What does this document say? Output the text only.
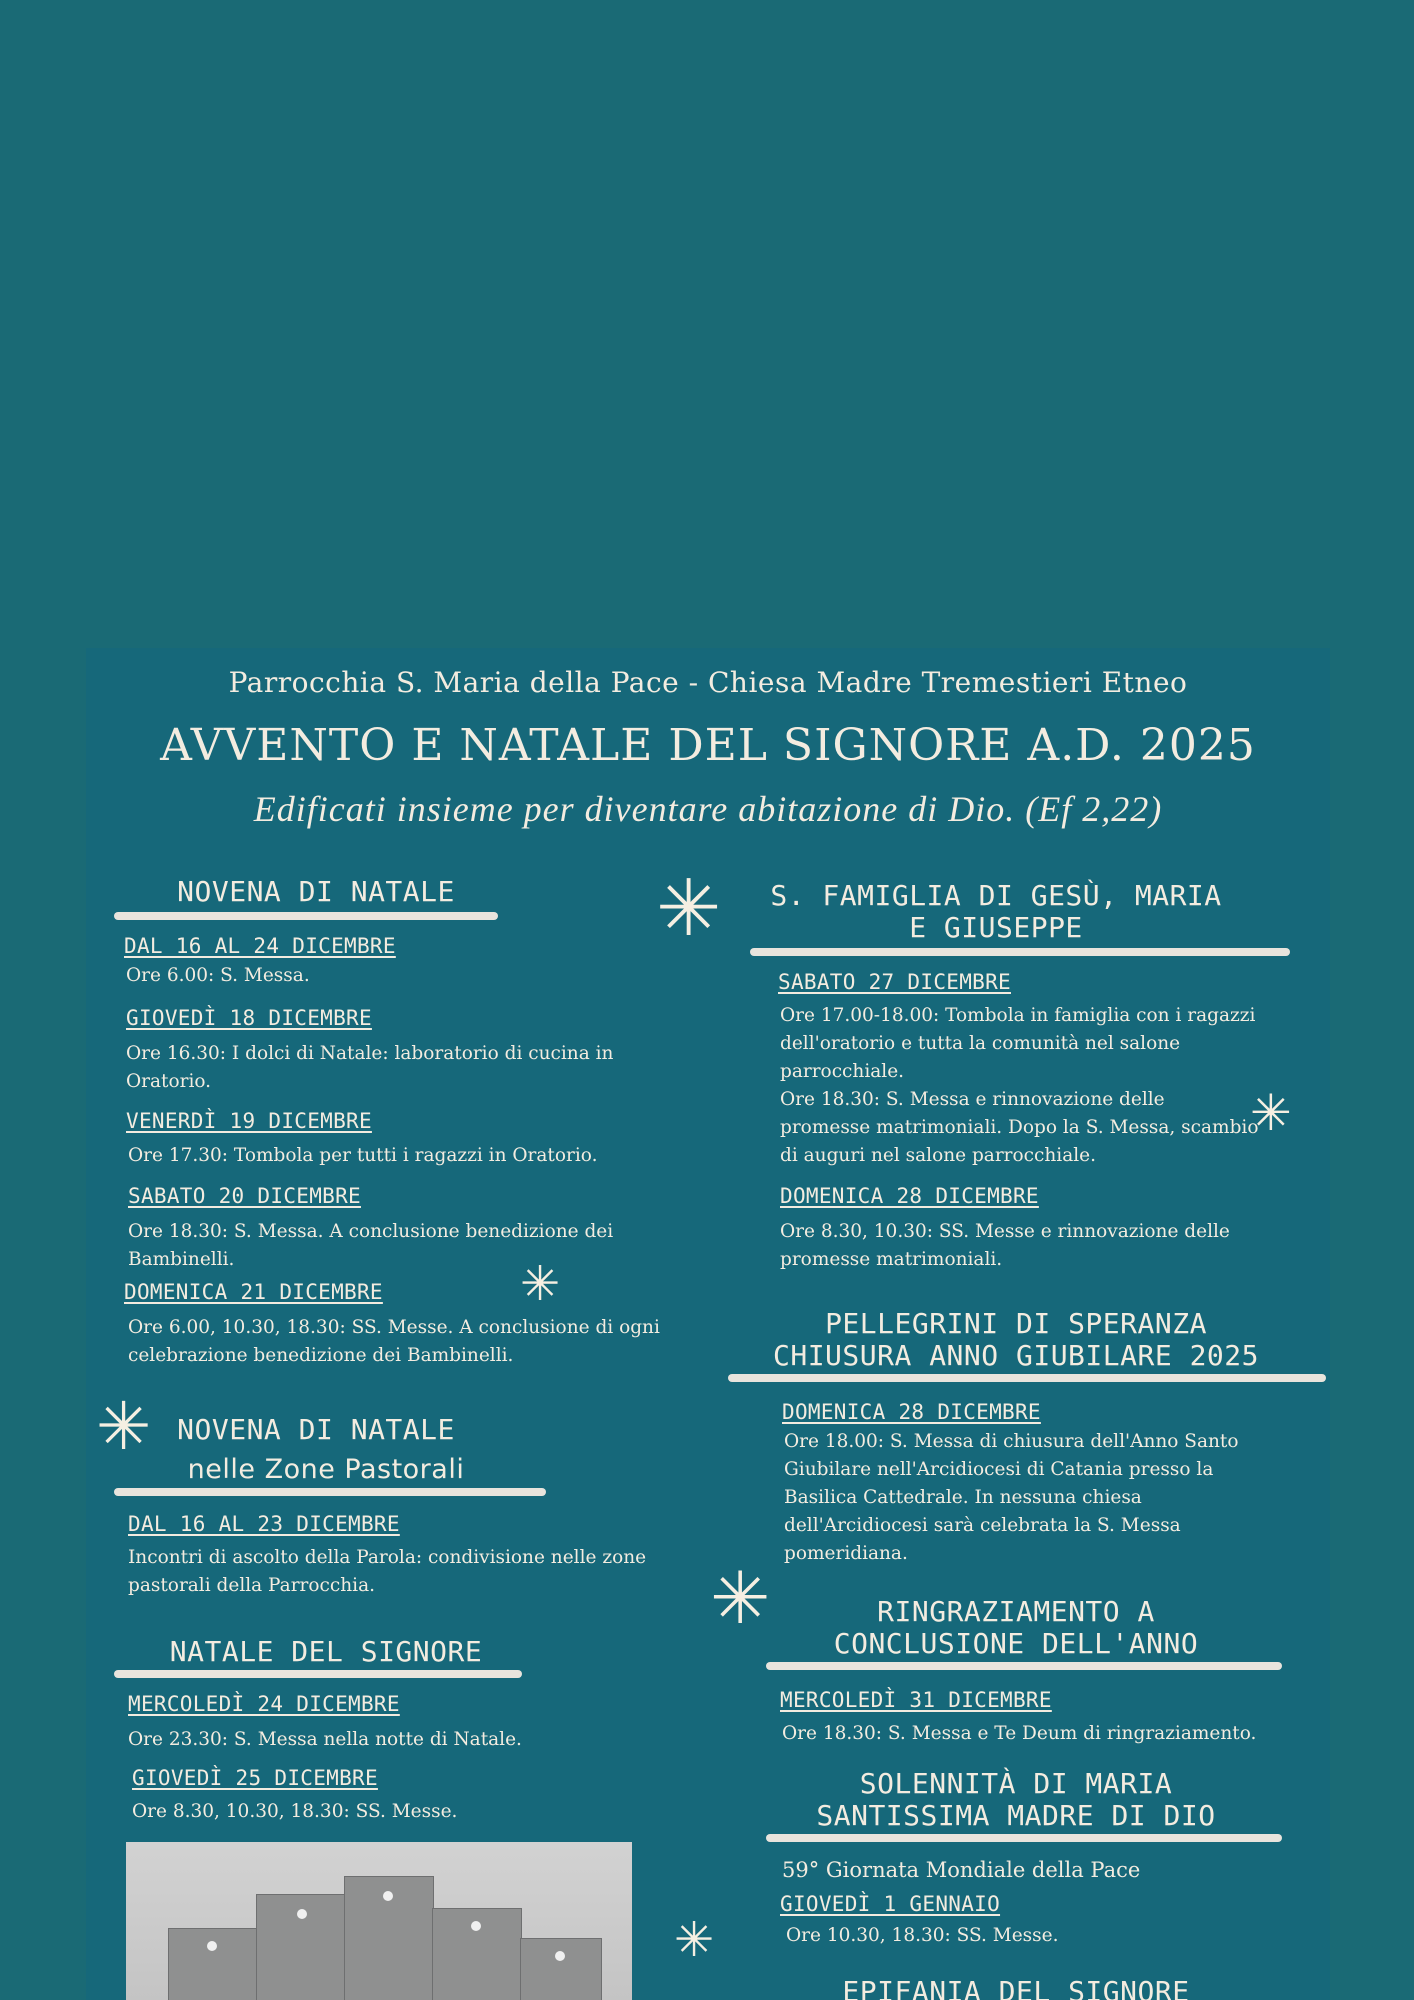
Parrocchia S. Maria della Pace - Chiesa Madre Tremestieri Etneo
AVVENTO E NATALE DEL SIGNORE A.D. 2025
Edificati insieme per diventare abitazione di Dio. (Ef 2,22)
NOVENA DI NATALE
DAL 16 AL 24 DICEMBRE
Ore 6.00: S. Messa.
GIOVEDÌ 18 DICEMBRE
Ore 16.30: I dolci di Natale: laboratorio di cucina in Oratorio.
VENERDÌ 19 DICEMBRE
Ore 17.30: Tombola per tutti i ragazzi in Oratorio.
SABATO 20 DICEMBRE
Ore 18.30: S. Messa. A conclusione benedizione dei Bambinelli.
DOMENICA 21 DICEMBRE
Ore 6.00, 10.30, 18.30: SS. Messe. A conclusione di ogni celebrazione benedizione dei Bambinelli.
NOVENA DI NATALE
nelle Zone Pastorali
DAL 16 AL 23 DICEMBRE
Incontri di ascolto della Parola: condivisione nelle zone pastorali della Parrocchia.
NATALE DEL SIGNORE
MERCOLEDÌ 24 DICEMBRE
Ore 23.30: S. Messa nella notte di Natale.
GIOVEDÌ 25 DICEMBRE
Ore 8.30, 10.30, 18.30: SS. Messe.
S. FAMIGLIA DI GESÙ, MARIA
E GIUSEPPE
SABATO 27 DICEMBRE
Ore 17.00-18.00: Tombola in famiglia con i ragazzi dell'oratorio e tutta la comunità nel salone parrocchiale.
Ore 18.30: S. Messa e rinnovazione delle promesse matrimoniali. Dopo la S. Messa, scambio di auguri nel salone parrocchiale.
DOMENICA 28 DICEMBRE
Ore 8.30, 10.30: SS. Messe e rinnovazione delle promesse matrimoniali.
PELLEGRINI DI SPERANZA
CHIUSURA ANNO GIUBILARE 2025
DOMENICA 28 DICEMBRE
Ore 18.00: S. Messa di chiusura dell'Anno Santo Giubilare nell'Arcidiocesi di Catania presso la Basilica Cattedrale. In nessuna chiesa dell'Arcidiocesi sarà celebrata la S. Messa pomeridiana.
RINGRAZIAMENTO A
CONCLUSIONE DELL'ANNO
MERCOLEDÌ 31 DICEMBRE
Ore 18.30: S. Messa e Te Deum di ringraziamento.
SOLENNITÀ DI MARIA
SANTISSIMA MADRE DI DIO
59° Giornata Mondiale della Pace
GIOVEDÌ 1 GENNAIO
Ore 10.30, 18.30: SS. Messe.
EPIFANIA DEL SIGNORE
✳
✳
✳
✳
✳
✳
